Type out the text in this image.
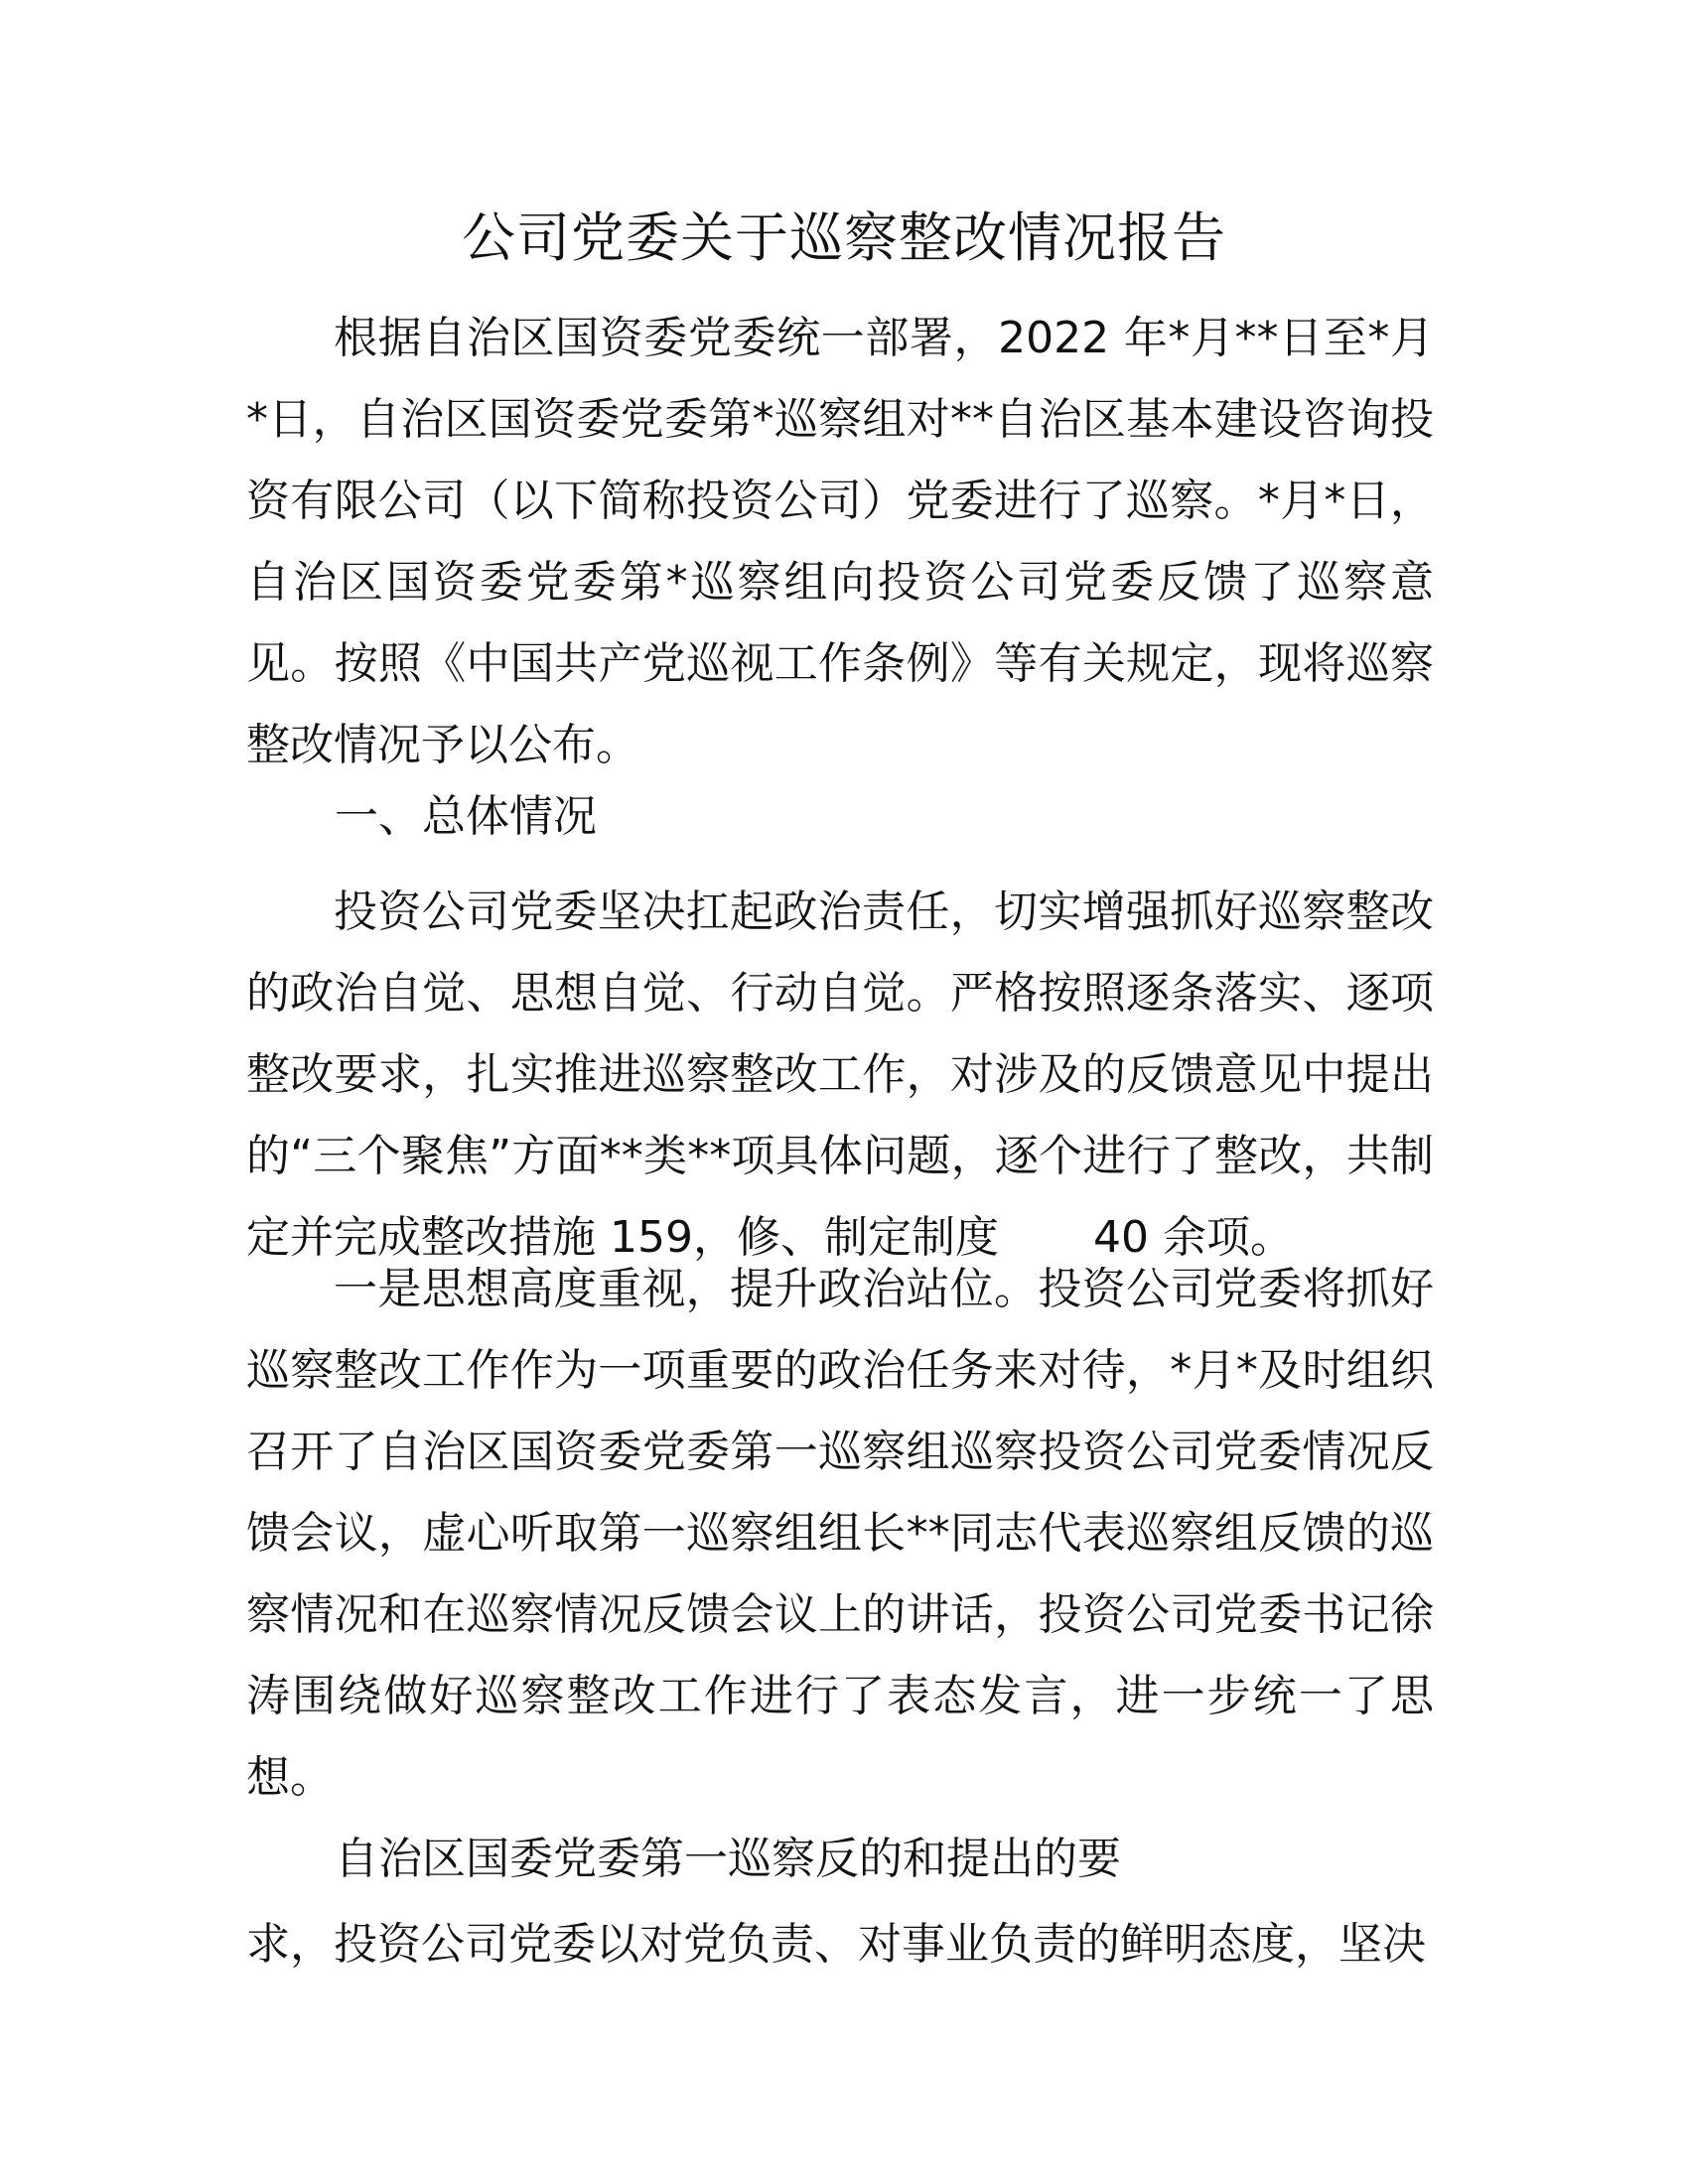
公司党委关于巡察整改情况报告
根据自治区国资委党委统一部署，2022 年*月**日至*月*日，自治区国资委党委第*巡察组对**自治区基本建设咨询投资有限公司（以下简称投资公司）党委进行了巡察。*月*日，自治区国资委党委第*巡察组向投资公司党委反馈了巡察意见。按照《中国共产党巡视工作条例》等有关规定，现将巡察整改情况予以公布。
一、总体情况
投资公司党委坚决扛起政治责任，切实增强抓好巡察整改的政治自觉、思想自觉、行动自觉。严格按照逐条落实、逐项整改要求，扎实推进巡察整改工作，对涉及的反馈意见中提出的“三个聚焦”方面**类**项具体问题，逐个进行了整改，共制定并完成整改措施 159，修、制定制度 40 余项。
一是思想高度重视，提升政治站位。投资公司党委将抓好巡察整改工作作为一项重要的政治任务来对待，*月*及时组织召开了自治区国资委党委第一巡察组巡察投资公司党委情况反馈会议，虚心听取第一巡察组组长**同志代表巡察组反馈的巡察情况和在巡察情况反馈会议上的讲话，投资公司党委书记徐涛围绕做好巡察整改工作进行了表态发言，进一步统一了思想。
自治区国委党委第一巡察反的和提出的要
求，投资公司党委以对党负责、对事业负责的鲜明态度，坚决
